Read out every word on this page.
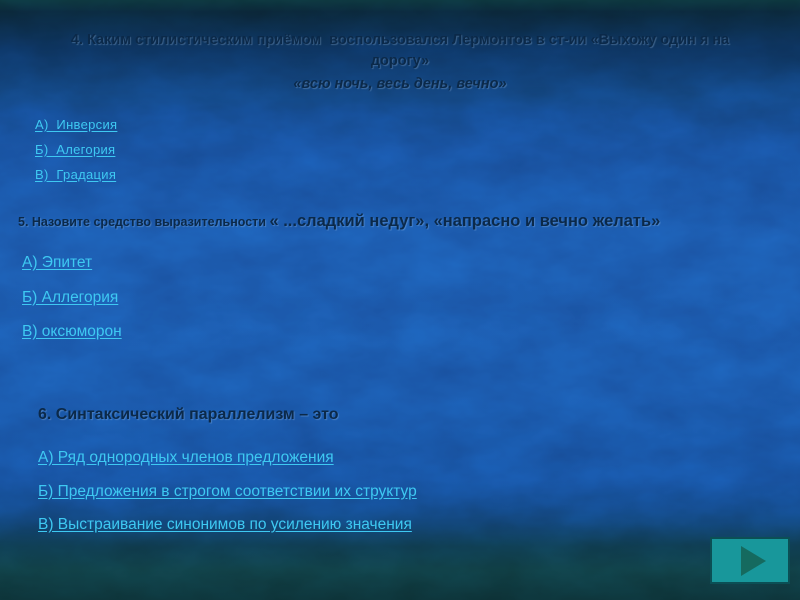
4. Каким стилистическим приёмом  воспользовался Лермонтов в ст-ии «Выхожу один я на дорогу»
«всю ночь, весь день, вечно»
А)  Инверсия
Б)  Алегория
В)  Градация
5. Назовите средство выразительности « ...сладкий недуг», «напрасно и вечно желать»
А) Эпитет
Б) Аллегория
В) оксюморон
6. Синтаксический параллелизм – это
А) Ряд однородных членов предложения
Б) Предложения в строгом соответствии их структур
В) Выстраивание синонимов по усилению значения
